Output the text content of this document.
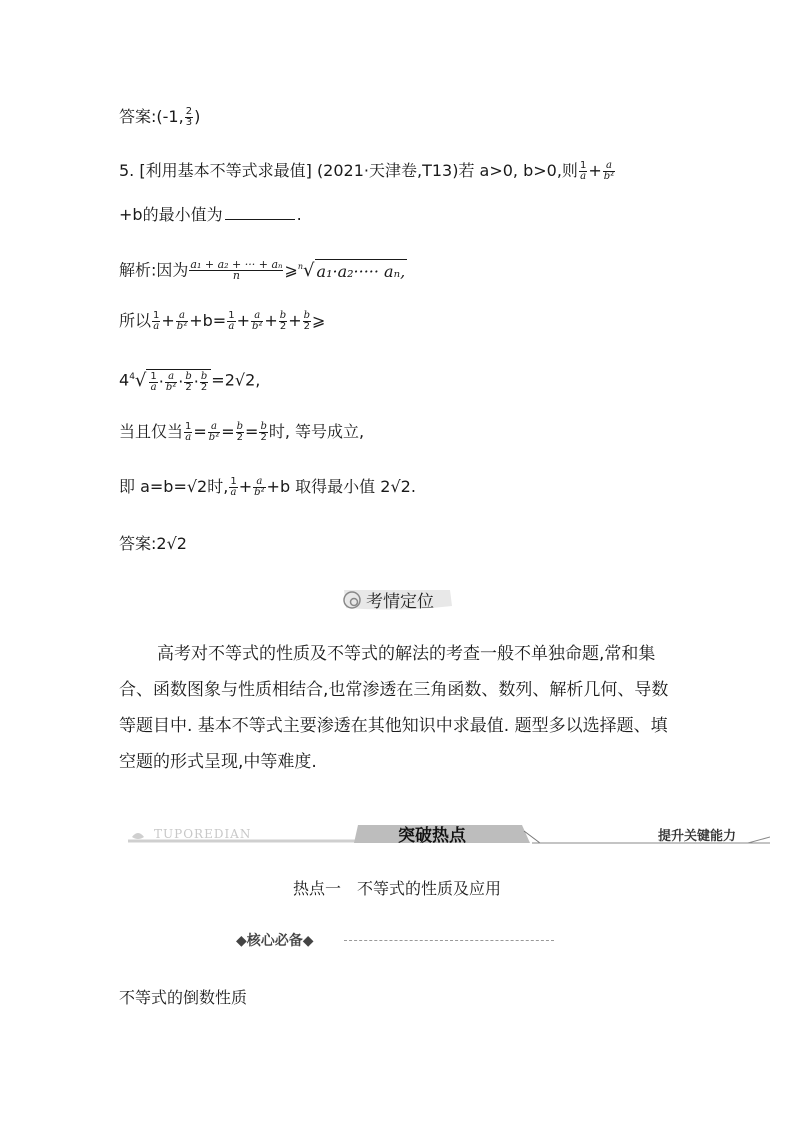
答案:(-1, $\frac{2}{3}$ )
5. [利用基本不等式求最值] (2021·天津卷,T13)若 a>0, b>0,则 $\frac{1}{a} + \frac{a}{\text{b²}}$
+b的最小值为	.
解析:因为 $\frac{\text{a₁ + a₂ + ··· + aₙ}}{n}$ ⩾$^n$√ a₁·a₂····· aₙ,
所以 $\frac{1}{a} + \frac{a}{\text{b²}} +b= \frac{1}{a} + \frac{a}{\text{b²}} + \frac{b}{2} + \frac{b}{2}$ ⩾
$4^4√ \frac{1}{a} \cdot \frac{a}{\text{b²}} \cdot \frac{b}{2} \cdot \frac{b}{2} =2√2$,
当且仅当 $\frac{1}{a} = \frac{a}{\text{b²}} = \frac{b}{2} = \frac{b}{2}$ 时, 等号成立,
即 a=b=√2时, $\frac{1}{a} + \frac{a}{\text{b²}} +b$ 取得最小值 2√2.
答案:2√2
考情定位
高考对不等式的性质及不等式的解法的考查一般不单独命题,常和集合、函数图象与性质相结合,也常渗透在三角函数、数列、解析几何、导数等题目中. 基本不等式主要渗透在其他知识中求最值. 题型多以选择题、填空题的形式呈现,中等难度.
TUPOREDIAN	突破热点	提升关键能力
热点一　不等式的性质及应用
◆核心必备◆
不等式的倒数性质
